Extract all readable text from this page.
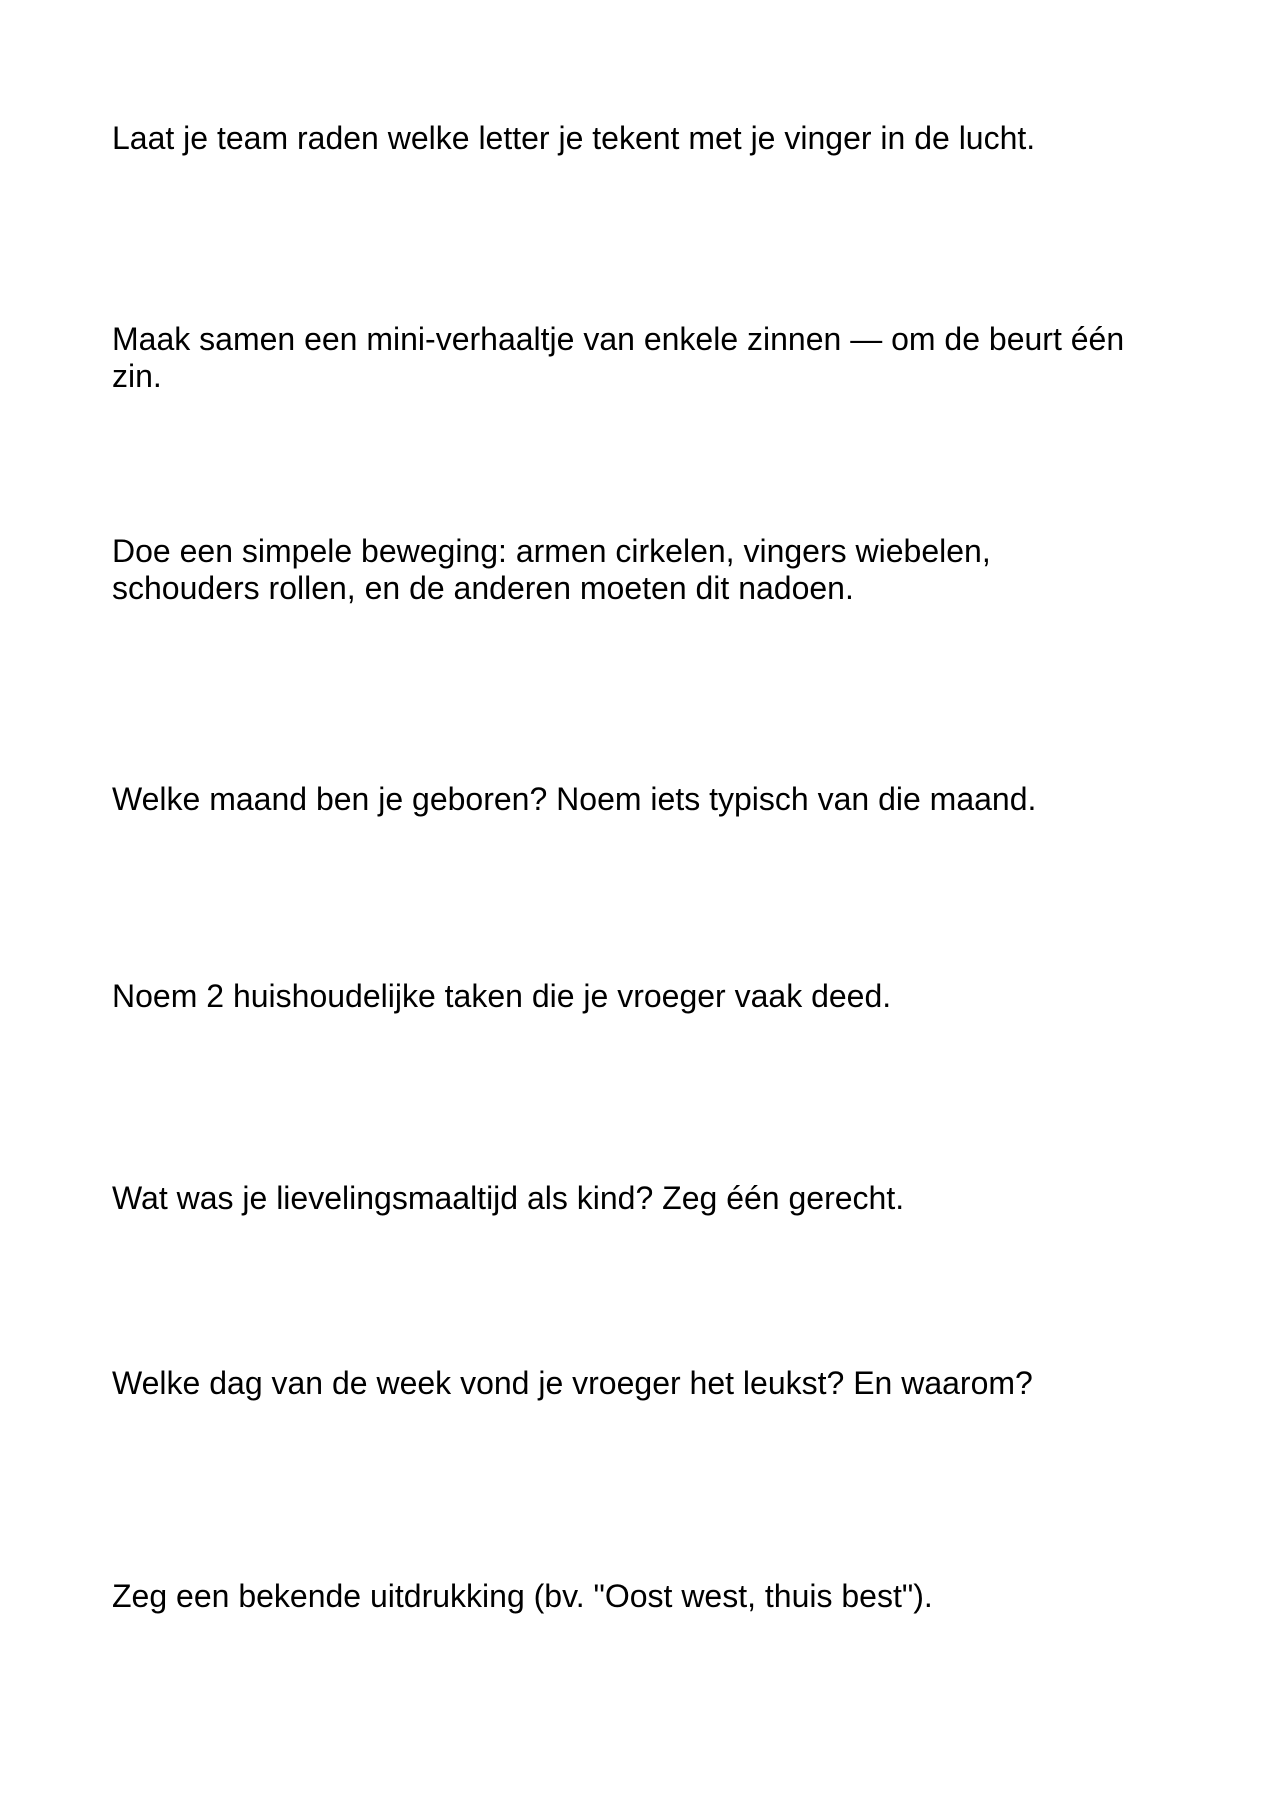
Laat je team raden welke letter je tekent met je vinger in de lucht.
Maak samen een mini-verhaaltje van enkele zinnen — om de beurt één
zin.
Doe een simpele beweging: armen cirkelen, vingers wiebelen,
schouders rollen, en de anderen moeten dit nadoen.
Welke maand ben je geboren? Noem iets typisch van die maand.
Noem 2 huishoudelijke taken die je vroeger vaak deed.
Wat was je lievelingsmaaltijd als kind? Zeg één gerecht.
Welke dag van de week vond je vroeger het leukst? En waarom?
Zeg een bekende uitdrukking (bv. "Oost west, thuis best").
